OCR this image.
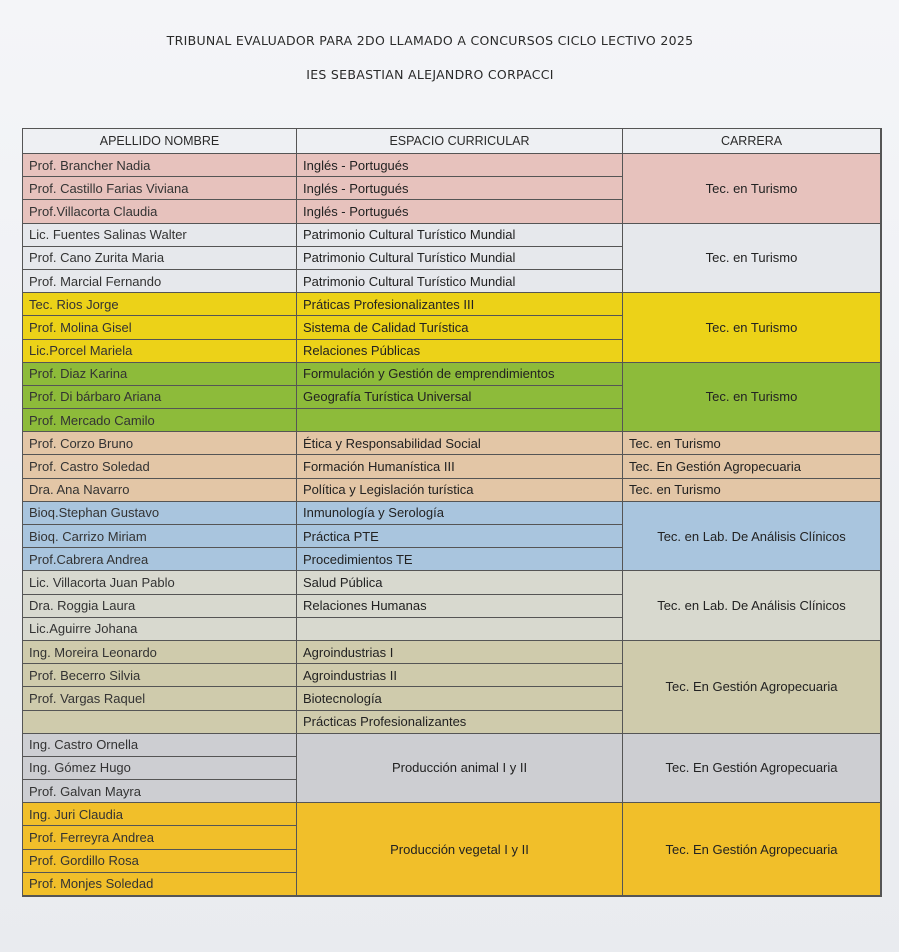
TRIBUNAL EVALUADOR PARA 2DO LLAMADO A CONCURSOS CICLO LECTIVO 2025
IES SEBASTIAN ALEJANDRO CORPACCI
APELLIDO NOMBRE	ESPACIO CURRICULAR	CARRERA
Prof. Brancher Nadia
Prof. Castillo Farias Viviana
Prof.Villacorta Claudia
Lic. Fuentes Salinas Walter
Prof. Cano Zurita Maria
Prof. Marcial Fernando
Tec. Rios Jorge
Prof. Molina Gisel
Lic.Porcel Mariela
Prof. Diaz Karina
Prof. Di bárbaro Ariana
Prof. Mercado Camilo
Prof. Corzo Bruno
Prof. Castro Soledad
Dra. Ana Navarro
Bioq.Stephan Gustavo
Bioq. Carrizo Miriam
Prof.Cabrera Andrea
Lic. Villacorta Juan Pablo
Dra. Roggia Laura
Lic.Aguirre Johana
Ing. Moreira Leonardo
Prof. Becerro Silvia
Prof. Vargas Raquel
Ing. Castro Ornella
Ing. Gómez Hugo
Prof. Galvan Mayra
Ing. Juri Claudia
Prof. Ferreyra Andrea
Prof. Gordillo Rosa
Prof. Monjes Soledad
Inglés - Portugués
Inglés - Portugués
Inglés - Portugués
Patrimonio Cultural Turístico Mundial
Patrimonio Cultural Turístico Mundial
Patrimonio Cultural Turístico Mundial
Práticas Profesionalizantes III
Sistema de Calidad Turística
Relaciones Públicas
Formulación y Gestión de emprendimientos
Geografía Turística Universal
Ética y Responsabilidad Social
Formación Humanística III
Política y Legislación turística
Inmunología y Serología
Práctica PTE
Procedimientos TE
Salud Pública
Relaciones Humanas
Agroindustrias I
Agroindustrias II
Biotecnología
Prácticas Profesionalizantes
Producción animal I y II
Producción vegetal I y II
Tec. en Turismo
Tec. en Turismo
Tec. en Turismo
Tec. en Turismo
Tec. en Turismo
Tec. En Gestión Agropecuaria
Tec. en Turismo
Tec. en Lab. De Análisis Clínicos
Tec. en Lab. De Análisis Clínicos
Tec. En Gestión Agropecuaria
Tec. En Gestión Agropecuaria
Tec. En Gestión Agropecuaria
